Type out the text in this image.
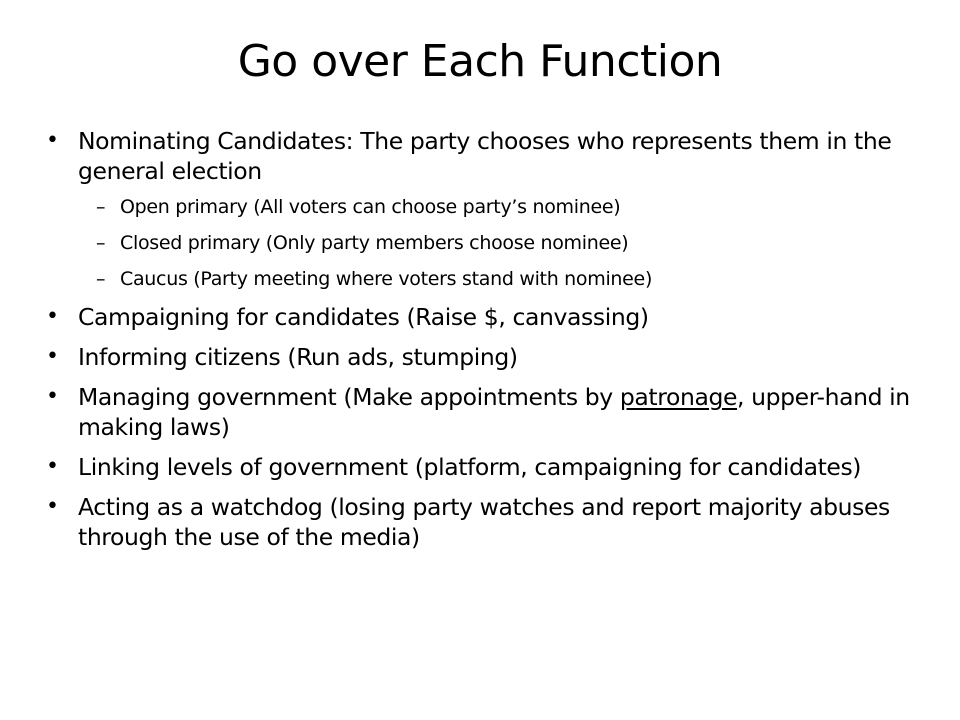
Go over Each Function
• Nominating Candidates: The party chooses who represents them in the general election
– Open primary (All voters can choose party’s nominee)
– Closed primary (Only party members choose nominee)
– Caucus (Party meeting where voters stand with nominee)
• Campaigning for candidates (Raise $, canvassing)
• Informing citizens (Run ads, stumping)
• Managing government (Make appointments by patronage, upper-hand in making laws)
• Linking levels of government (platform, campaigning for candidates)
• Acting as a watchdog (losing party watches and report majority abuses through the use of the media)
